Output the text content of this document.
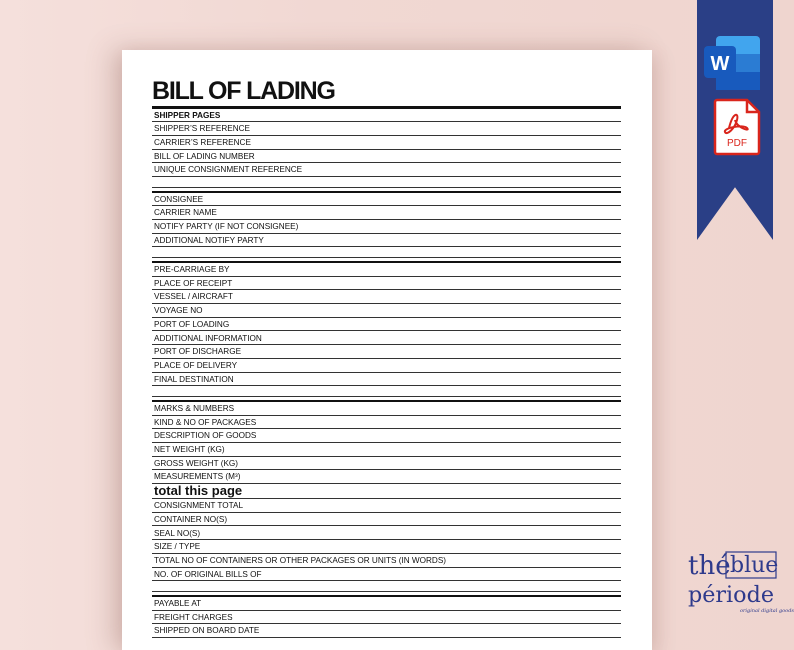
BILL OF LADING
SHIPPER PAGES
SHIPPER’S REFERENCE
CARRIER’S REFERENCE
BILL OF LADING NUMBER
UNIQUE CONSIGNMENT REFERENCE
CONSIGNEE
CARRIER NAME
NOTIFY PARTY (IF NOT CONSIGNEE)
ADDITIONAL NOTIFY PARTY
PRE-CARRIAGE BY
PLACE OF RECEIPT
VESSEL / AIRCRAFT
VOYAGE NO
PORT OF LOADING
ADDITIONAL INFORMATION
PORT OF DISCHARGE
PLACE OF DELIVERY
FINAL DESTINATION
MARKS & NUMBERS
KIND & NO OF PACKAGES
DESCRIPTION OF GOODS
NET WEIGHT (KG)
GROSS WEIGHT (KG)
MEASUREMENTS (M³)
total this page
CONSIGNMENT TOTAL
CONTAINER NO(S)
SEAL NO(S)
SIZE / TYPE
TOTAL NO OF CONTAINERS OR OTHER PACKAGES OR UNITS (IN WORDS)
NO. OF ORIGINAL BILLS OF
PAYABLE AT
FREIGHT CHARGES
SHIPPED ON BOARD DATE
W
PDF
thé blue
période
original digital goods
